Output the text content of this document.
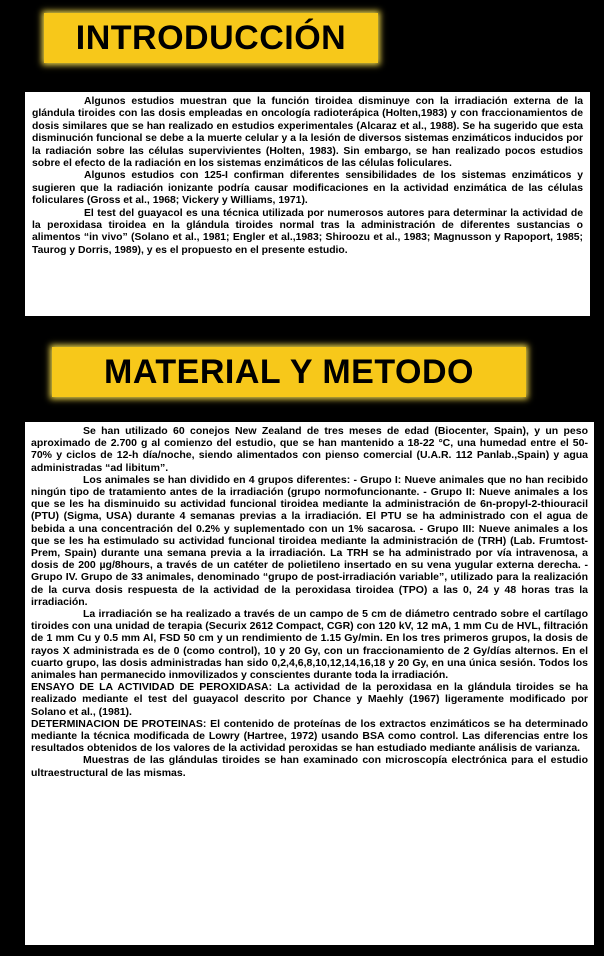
INTRODUCCIÓN

Algunos estudios muestran que la función tiroidea disminuye con la irradiación externa de la glándula tiroides con las dosis empleadas en oncología radioterápica (Holten,1983) y con fraccionamientos de dosis similares que se han realizado en estudios experimentales (Alcaraz et al., 1988). Se ha sugerido que esta disminución funcional se debe a la muerte celular y a la lesión de diversos sistemas enzimáticos inducidos por la radiación sobre las células supervivientes (Holten, 1983). Sin embargo, se han realizado pocos estudios sobre el efecto de la radiación en los sistemas enzimáticos de las células foliculares.

Algunos estudios con 125-I confirman diferentes sensibilidades de los sistemas enzimáticos y sugieren que la radiación ionizante podría causar modificaciones en la actividad enzimática de las células foliculares (Gross et al., 1968; Vickery y Williams, 1971).

El test del guayacol es una técnica utilizada por numerosos autores para determinar la actividad de la peroxidasa tiroidea en la glándula tiroides normal tras la administración de diferentes sustancias o alimentos “in vivo” (Solano et al., 1981; Engler et al.,1983; Shiroozu et al., 1983; Magnusson y Rapoport, 1985; Taurog y Dorris, 1989), y es el propuesto en el presente estudio.

MATERIAL Y METODO

Se han utilizado 60 conejos New Zealand de tres meses de edad (Biocenter, Spain), y un peso aproximado de 2.700 g al comienzo del estudio, que se han mantenido a 18-22 °C, una humedad entre el 50-70% y ciclos de 12-h día/noche, siendo alimentados con pienso comercial (U.A.R. 112 Panlab.,Spain) y agua administradas “ad libitum”.

Los animales se han dividido en 4 grupos diferentes: - Grupo I: Nueve animales que no han recibido ningún tipo de tratamiento antes de la irradiación (grupo normofuncionante. - Grupo II: Nueve animales a los que se les ha disminuido su actividad funcional tiroidea mediante la administración de 6n-propyl-2-thiouracil (PTU) (Sigma, USA) durante 4 semanas previas a la irradiación. El PTU se ha administrado con el agua de bebida a una concentración del 0.2% y suplementado con un 1% sacarosa. - Grupo III: Nueve animales a los que se les ha estimulado su actividad funcional tiroidea mediante la administración de (TRH) (Lab. Frumtost-Prem, Spain) durante una semana previa a la irradiación. La TRH se ha administrado por vía intravenosa, a dosis de 200 µg/8hours, a través de un catéter de polietileno insertado en su vena yugular externa derecha. - Grupo IV. Grupo de 33 animales, denominado “grupo de post-irradiación variable”, utilizado para la realización de la curva dosis respuesta de la actividad de la peroxidasa tiroidea (TPO) a las 0, 24 y 48 horas tras la irradiación.

La irradiación se ha realizado a través de un campo de 5 cm de diámetro centrado sobre el cartílago tiroides con una unidad de terapia (Securix 2612 Compact, CGR) con 120 kV, 12 mA, 1 mm Cu de HVL, filtración de 1 mm Cu y 0.5 mm Al, FSD 50 cm y un rendimiento de 1.15 Gy/min. En los tres primeros grupos, la dosis de rayos X administrada es de 0 (como control), 10 y 20 Gy, con un fraccionamiento de 2 Gy/días alternos. En el cuarto grupo, las dosis administradas han sido 0,2,4,6,8,10,12,14,16,18 y 20 Gy, en una única sesión. Todos los animales han permanecido inmovilizados y conscientes durante toda la irradiación.

ENSAYO DE LA ACTIVIDAD DE PEROXIDASA: La actividad de la peroxidasa en la glándula tiroides se ha realizado mediante el test del guayacol descrito por Chance y Maehly (1967) ligeramente modificado por Solano et al., (1981).

DETERMINACION DE PROTEINAS: El contenido de proteínas de los extractos enzimáticos se ha determinado mediante la técnica modificada de Lowry (Hartree, 1972) usando BSA como control. Las diferencias entre los resultados obtenidos de los valores de la actividad peroxidas se han estudiado mediante análisis de varianza.

Muestras de las glándulas tiroides se han examinado con microscopía electrónica para el estudio ultraestructural de las mismas.
